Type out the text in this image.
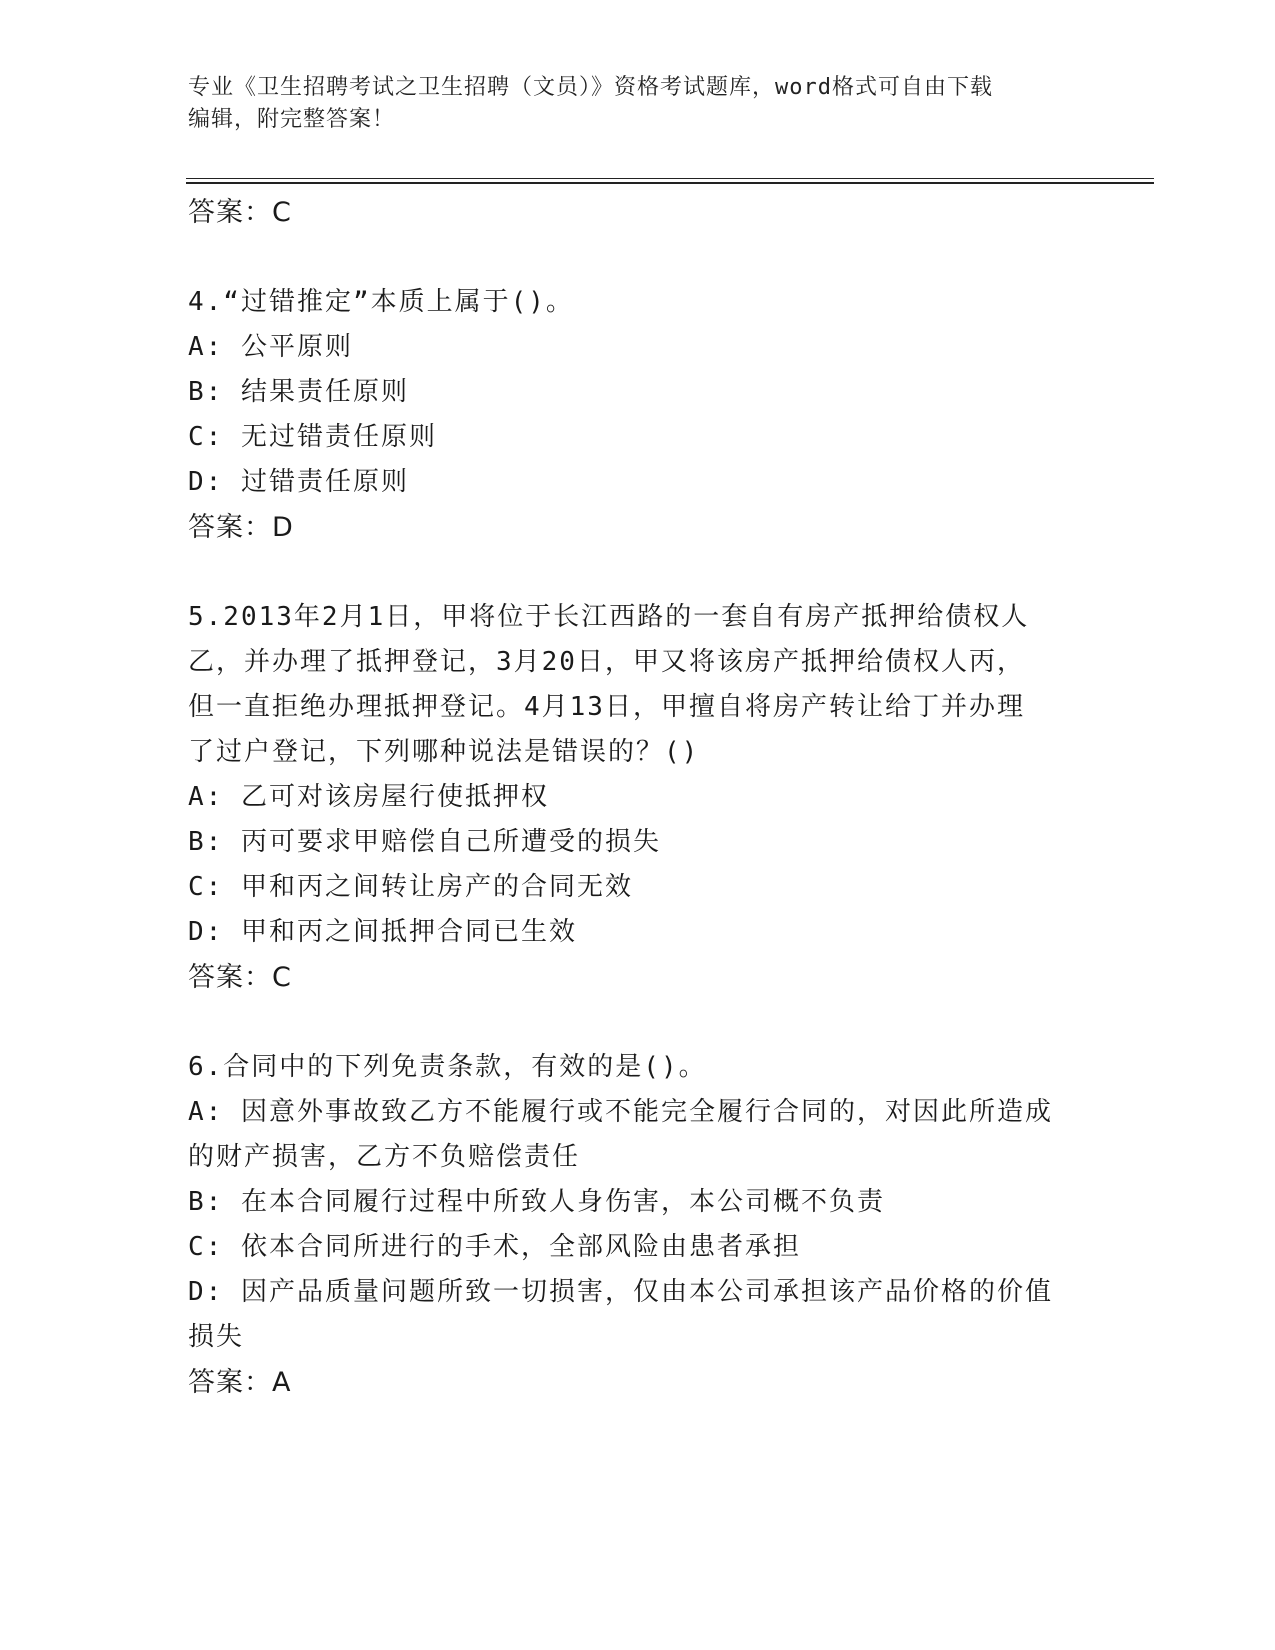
专业《卫生招聘考试之卫生招聘（文员）》资格考试题库，word格式可自由下载
编辑，附完整答案！
答案：C
4.“过错推定”本质上属于()。
A: 公平原则
B: 结果责任原则
C: 无过错责任原则
D: 过错责任原则
答案：D
5.2013年2月1日，甲将位于长江西路的一套自有房产抵押给债权人
乙，并办理了抵押登记，3月20日，甲又将该房产抵押给债权人丙，
但一直拒绝办理抵押登记。4月13日，甲擅自将房产转让给丁并办理
了过户登记，下列哪种说法是错误的？()
A: 乙可对该房屋行使抵押权
B: 丙可要求甲赔偿自己所遭受的损失
C: 甲和丙之间转让房产的合同无效
D: 甲和丙之间抵押合同已生效
答案：C
6.合同中的下列免责条款，有效的是()。
A: 因意外事故致乙方不能履行或不能完全履行合同的，对因此所造成
的财产损害，乙方不负赔偿责任
B: 在本合同履行过程中所致人身伤害，本公司概不负责
C: 依本合同所进行的手术，全部风险由患者承担
D: 因产品质量问题所致一切损害，仅由本公司承担该产品价格的价值
损失
答案：A
